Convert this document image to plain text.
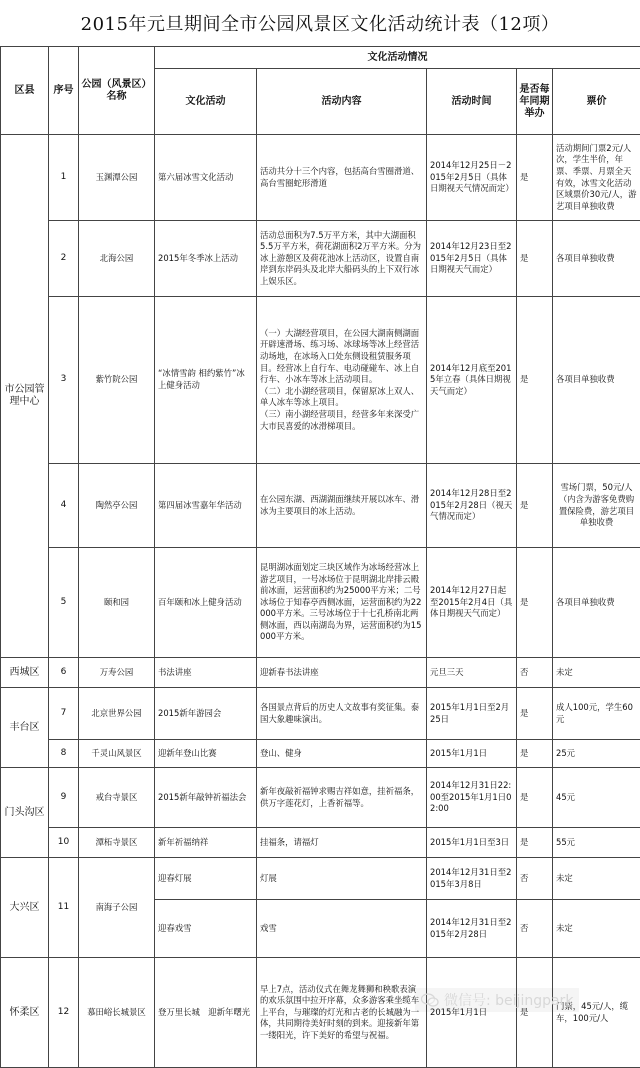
2015年元旦期间全市公园风景区文化活动统计表（12项）
区县	序号	公园（风景区）名称	文化活动情况				
			文化活动	活动内容	活动时间	是否每年同期举办	票价
市公园管理中心	1	玉渊潭公园	第六届冰雪文化活动	活动共分十三个内容，包括高台雪圈滑道、高台雪圈蛇形滑道	2014年12月25日－2015年2月5日（具体日期视天气情况而定）	是	活动期间门票2元/人次，学生半价，年票、季票、月票全天有效，冰雪文化活动区域票价30元/人，游艺项目单独收费
	2	北海公园	2015年冬季冰上活动	活动总面积为7.5万平方米，其中大湖面积5.5万平方米，荷花湖面积2万平方米。分为冰上游憩区及荷花池冰上活动区，设置自南岸到东岸码头及北岸大船码头的上下双行冰上娱乐区。	2014年12月23日至2015年2月5日（具体日期视天气而定）	是	各项目单独收费
	3	紫竹院公园	“冰情雪韵 相约紫竹”冰上健身活动	（一）大湖经营项目，在公园大湖南侧湖面开辟速滑场、练习场、冰球场等冰上经营活动场地，在冰场入口处东侧设租赁服务项目。经营冰上自行车、电动碰碰车、冰上自行车、小冰车等冰上活动项目。
（二）北小湖经营项目，保留原冰上双人、单人冰车等冰上项目。
（三）南小湖经营项目，经营多年来深受广大市民喜爱的冰滑梯项目。	2014年12月底至2015年立春（具体日期视天气而定）	是	各项目单独收费
	4	陶然亭公园	第四届冰雪嘉年华活动	在公园东湖、西湖湖面继续开展以冰车、滑冰为主要项目的冰上活动。	2014年12月28日至2015年2月28日（视天气情况而定）	是	雪场门票，50元/人（内含为游客免费购置保险费，游艺项目单独收费
	5	颐和园	百年颐和冰上健身活动	昆明湖冰面划定三块区域作为冰场经营冰上游艺项目，一号冰场位于昆明湖北岸排云殿前冰面，运营面积约为25000平方米；二号冰场位于知春亭西侧冰面，运营面积约为22000平方米。三号冰场位于十七孔桥南北两侧冰面，西以南湖岛为界，运营面积约为15000平方米。	2014年12月27日起至2015年2月4日（具体日期视天气而定）	是	各项目单独收费
西城区	6	万寿公园	书法讲座	迎新春书法讲座	元旦三天	否	未定
丰台区	7	北京世界公园	2015新年游园会	各国景点背后的历史人文故事有奖征集。泰国大象趣味演出。	2015年1月1日至2月25日	是	成人100元，学生60元
	8	千灵山风景区	迎新年登山比赛	登山、健身	2015年1月1日	是	25元
门头沟区	9	戒台寺景区	2015新年敲钟祈福法会	新年夜敲祈福钟求赐吉祥如意，挂祈福条，供万字莲花灯，上香祈福等。	2014年12月31日22:00至2015年1月1日02:00	是	45元
	10	潭柘寺景区	新年祈福纳祥	挂福条，请福灯	2015年1月1日至3日	是	55元
大兴区	11	南海子公园	迎春灯展	灯展	2014年12月31日至2015年3月8日	否	未定
			迎春戏雪	戏雪	2014年12月31日至2015年2月28日	否	未定
怀柔区	12	慕田峪长城景区	登万里长城　迎新年曙光	早上7点，活动仪式在舞龙舞狮和秧歌表演的欢乐氛围中拉开序幕，众多游客乘坐缆车上平台，与璀璨的灯光和古老的长城融为一体，共同期待美好时刻的到来。迎接新年第一缕阳光，许下美好的希望与祝福。	2015年1月1日	是	门票，45元/人，缆车，100元/人
微信号: beijingpark
